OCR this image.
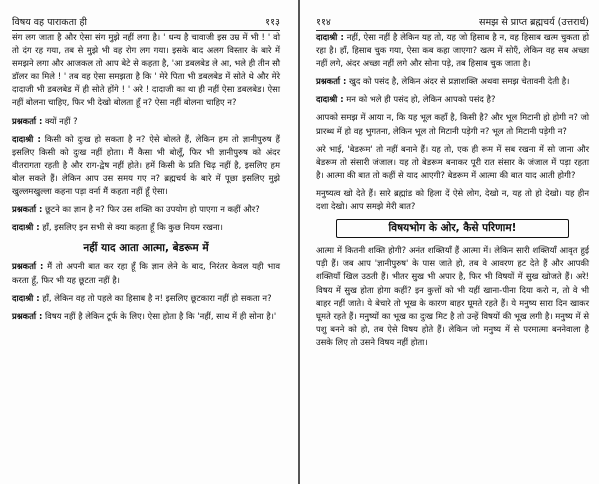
विषय वह पाराकता ही	११३

संग लग जाता है और ऐसा संग मुझे नहीं लगा है। ' धन्य है चावाजी इस उम्र में भी ! ' वो तो दंग रह गया, तब से मुझे भी वह रोग लग गया। इसके बाद अलग विस्तार के बारे में समझने लगा और आजकल तो आप बेटे से कहता है, 'आ डबलबेड ले आ, भले ही तीन सौ डॉलर का मिले ! ' तब वह ऐसा समझता है कि ' मेरे पिता भी डबलबेड में सोते थे और मेरे दादाजी भी डबलबेड में ही सोते होंगे ! ' अरे ! दादाजी का था ही नहीं ऐसा डबलबेड। ऐसा नहीं बोलना चाहिए, फिर भी देखो बोलता हूँ न? ऐसा नहीं बोलना चाहिए न?

प्रश्नकर्ता : क्यों नहीं ?

दादाश्री : किसी को दुःख हो सकता है न? ऐसे बोलते हैं, लेकिन हम तो ज्ञानीपुरुष हैं इसलिए किसी को दुःख नहीं होता। मैं कैसा भी बोलूँ, फिर भी ज्ञानीपुरुष को अंदर वीतरागता रहती है और राग-द्वेष नहीं होते। हमें किसी के प्रति चिढ़ नहीं है, इसलिए हम बोल सकते हैं। लेकिन आप उस समय गए न? ब्रह्मचर्य के बारे में पूछा इसलिए मुझे खुल्लमखुल्ला कहना पड़ा वर्ना मैं कहता नहीं हूँ ऐसा।

प्रश्नकर्ता : छूटने का ज्ञान है न? फिर उस शक्ति का उपयोग हो पाएगा न कहीं और?

दादाश्री : हाँ, इसलिए इन सभी से क्या कहता हूँ कि कुछ नियम रखना।

नहीं याद आता आत्मा, बेडरूम में

प्रश्नकर्ता : मैं तो अपनी बात कर रहा हूँ कि ज्ञान लेने के बाद, निरंतर केवल यही भाव करता हूँ, फिर भी यह छूटता नहीं है।

दादाश्री : हाँ, लेकिन वह तो पहले का हिसाब है न! इसलिए छूटकारा नहीं हो सकता न?

प्रश्नकर्ता : विषय नहीं है लेकिन टूर्फ के लिए। ऐसा होता है कि 'नहीं, साथ में ही सोना है।'

११४	समझ से प्राप्त ब्रह्मचर्य (उत्तरार्ध)

दादाश्री : नहीं, ऐसा नहीं है लेकिन यह तो, यह जो हिसाब है न, वह हिसाब खत्म चुकता हो रहा है। हाँ, हिसाब चुक गया, ऐसा कब कहा जाएगा? खत्म में सोएँ, लेकिन वह सब अच्छा नहीं लगे, अंदर अच्छा नहीं लगे और सोना पड़े, तब हिसाब चुक जाता है।

प्रश्नकर्ता : खुद को पसंद है, लेकिन अंदर से प्रज्ञाशक्ति अथवा समझ चेतावनी देती है।

दादाश्री : मन को भले ही पसंद हो, लेकिन आपको पसंद है?

आपको समझ में आया न, कि यह भूल कहाँ है, किसी है? और भूल मिटानी हो होगी न? जो प्रारब्ध में हो वह भुगतना, लेकिन भूल तो मिटानी पड़ेगी न? भूल तो मिटानी पड़ेगी न?

अरे भाई, 'बेडरूम' तो नहीं बनाने हैं। यह तो, एक ही रूम में सब रखना में सो जाना और बेडरूम तो संसारी जंजाल। यह तो बेडरूम बनाकर पूरी रात संसार के जंजाल में पड़ा रहता है। आत्मा की बात तो कहीं से याद आएगी? बेडरूम में आत्मा की बात याद आती होगी?

मनुष्यत्व खो देते हैं। सारे ब्रह्मांड को हिला दें ऐसे लोग, देखो न, यह तो हो देखो। यह हीन दशा देखो। आप समझे मेरी बात?

विषयभोग के ओर, कैसे परिणाम!

आत्मा में कितनी शक्ति होगी? अनंत शक्तियाँ हैं आत्मा में। लेकिन सारी शक्तियाँ आवृत हुई पड़ी हैं। जब आप 'ज्ञानीपुरुष' के पास जाते हो, तब वे आवरण हट देते हैं और आपकी शक्तियाँ खिल उठती हैं। भीतर सुख भी अपार है, फिर भी विषयों में सुख खोजते हैं। अरे! विषय में सुख होता होगा कहीं? इन कुत्तों को भी यहीं खाना-पीना दिया करो न, तो वे भी बाहर नहीं जाते। ये बेचारे तो भूख के कारण बाहर घूमते रहते हैं। ये मनुष्य सारा दिन खाकर घूमते रहते हैं। मनुष्यों का भूख का दुःख मिट है तो उन्हें विषयों की भूख लगी है। मनुष्य में से पशु बनने को हो, तब ऐसे विषय होते हैं। लेकिन जो मनुष्य में से परमात्मा बननेवाला है उसके लिए तो उसने विषय नहीं होता।
